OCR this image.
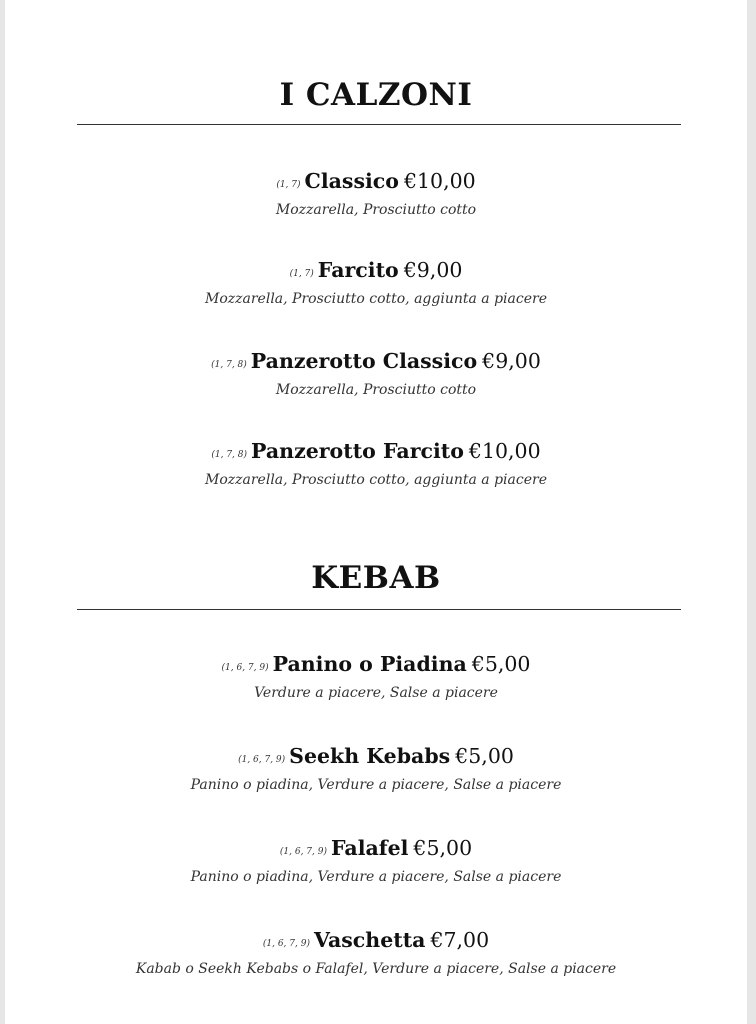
I CALZONI
(1, 7) Classico €10,00
Mozzarella, Prosciutto cotto
(1, 7) Farcito €9,00
Mozzarella, Prosciutto cotto, aggiunta a piacere
(1, 7, 8) Panzerotto Classico €9,00
Mozzarella, Prosciutto cotto
(1, 7, 8) Panzerotto Farcito €10,00
Mozzarella, Prosciutto cotto, aggiunta a piacere
KEBAB
(1, 6, 7, 9) Panino o Piadina €5,00
Verdure a piacere, Salse a piacere
(1, 6, 7, 9) Seekh Kebabs €5,00
Panino o piadina, Verdure a piacere, Salse a piacere
(1, 6, 7, 9) Falafel €5,00
Panino o piadina, Verdure a piacere, Salse a piacere
(1, 6, 7, 9) Vaschetta €7,00
Kabab o Seekh Kebabs o Falafel, Verdure a piacere, Salse a piacere
